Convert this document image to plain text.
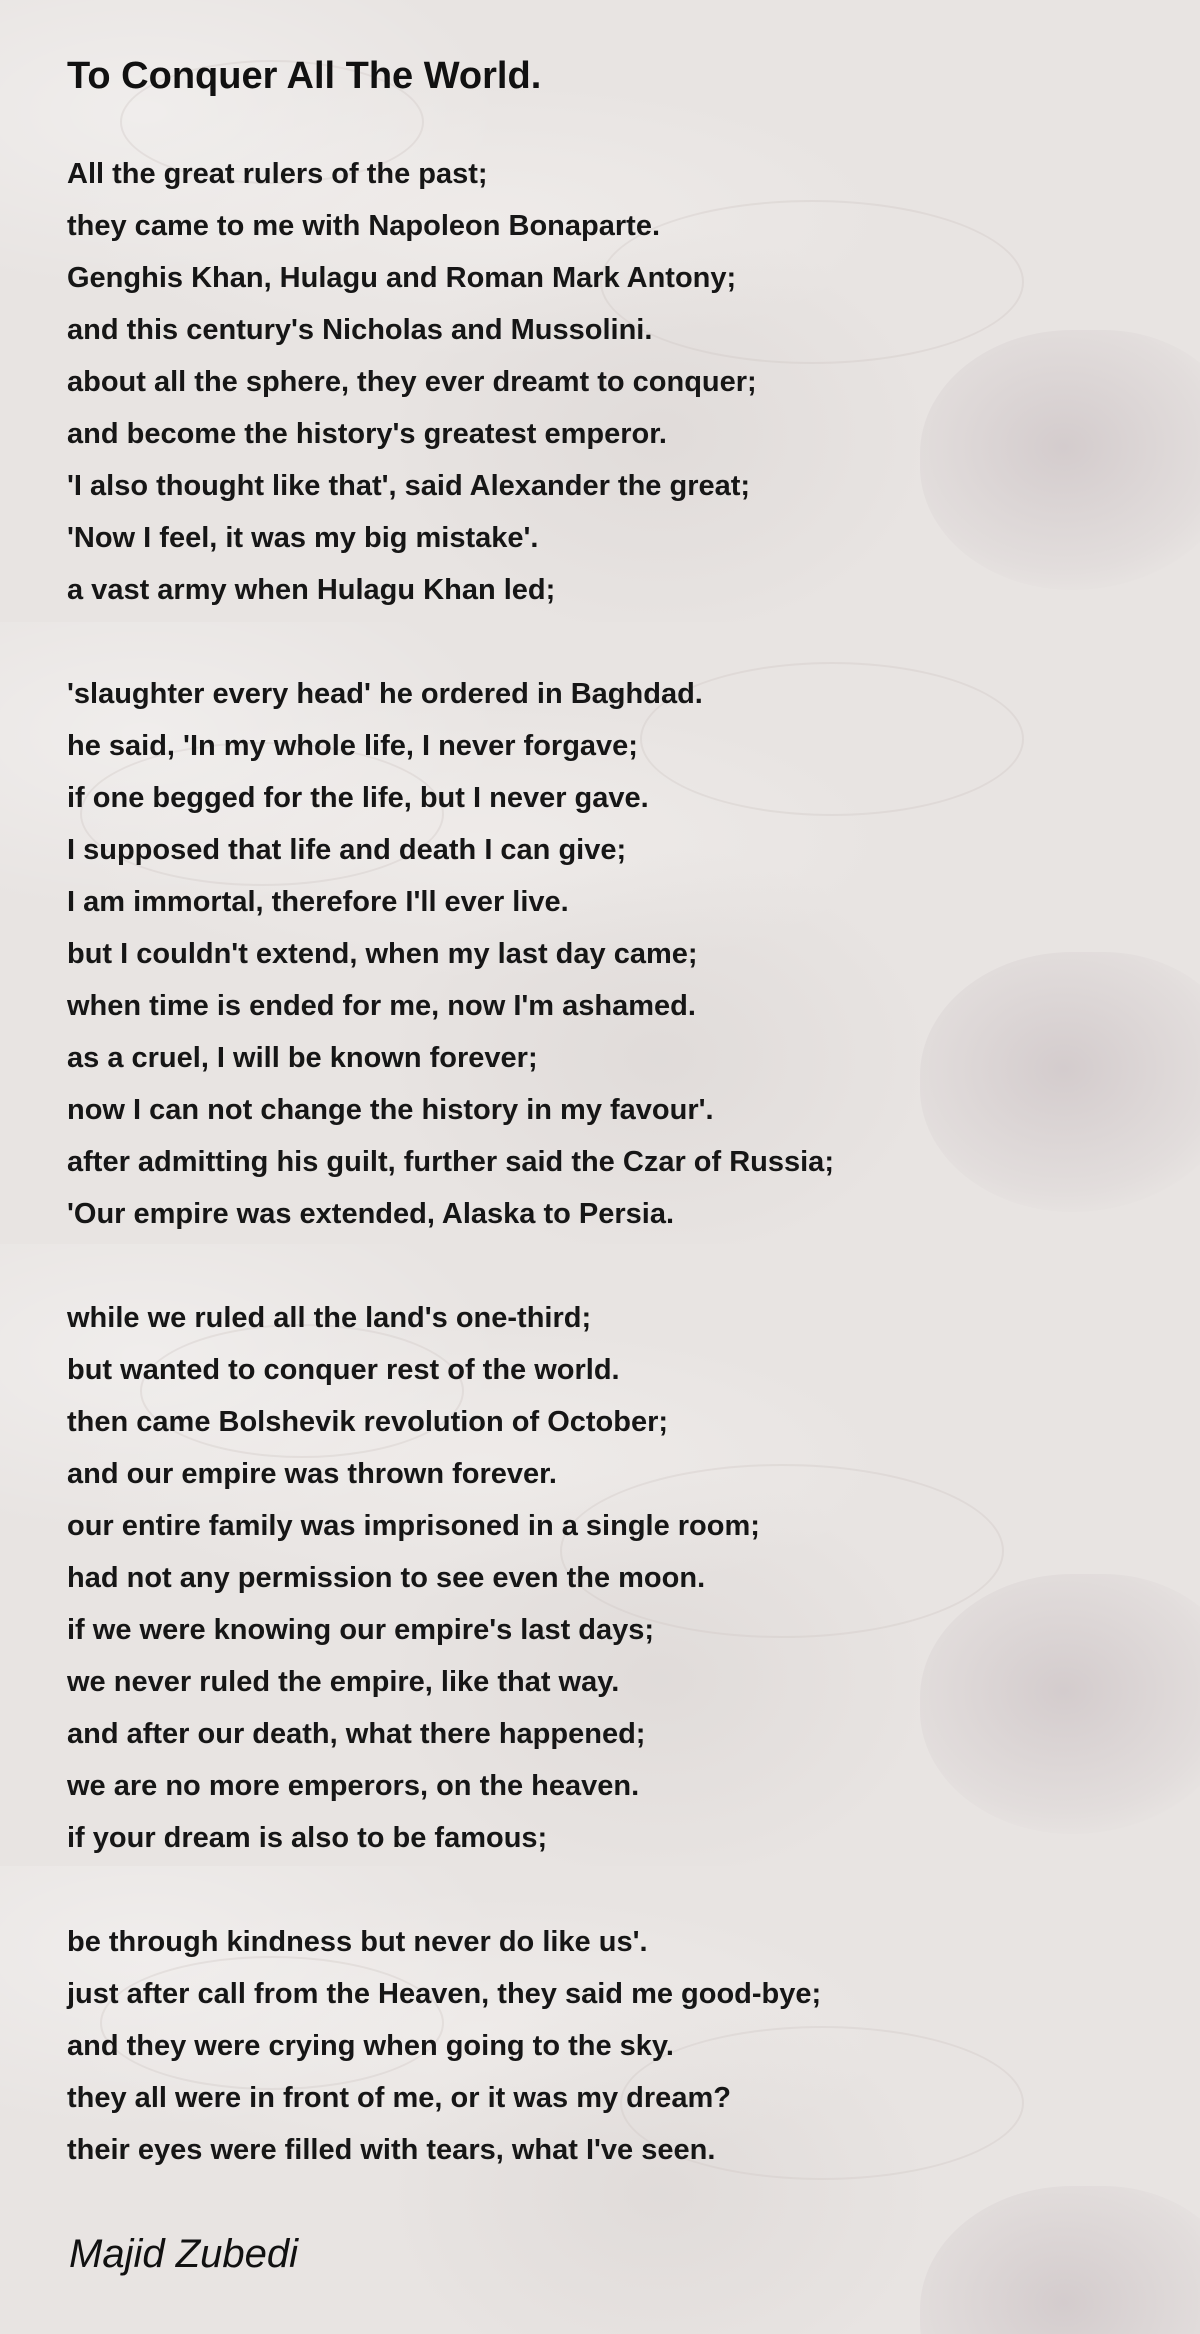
To Conquer All The World.
All the great rulers of the past;
they came to me with Napoleon Bonaparte.
Genghis Khan, Hulagu and Roman Mark Antony;
and this century's Nicholas and Mussolini.
about all the sphere, they ever dreamt to conquer;
and become the history's greatest emperor.
'I also thought like that', said Alexander the great;
'Now I feel, it was my big mistake'.
a vast army when Hulagu Khan led;
'slaughter every head' he ordered in Baghdad.
he said, 'In my whole life, I never forgave;
if one begged for the life, but I never gave.
I supposed that life and death I can give;
I am immortal, therefore I'll ever live.
but I couldn't extend, when my last day came;
when time is ended for me, now I'm ashamed.
as a cruel, I will be known forever;
now I can not change the history in my favour'.
after admitting his guilt, further said the Czar of Russia;
'Our empire was extended, Alaska to Persia.
while we ruled all the land's one-third;
but wanted to conquer rest of the world.
then came Bolshevik revolution of October;
and our empire was thrown forever.
our entire family was imprisoned in a single room;
had not any permission to see even the moon.
if we were knowing our empire's last days;
we never ruled the empire, like that way.
and after our death, what there happened;
we are no more emperors, on the heaven.
if your dream is also to be famous;
be through kindness but never do like us'.
just after call from the Heaven, they said me good-bye;
and they were crying when going to the sky.
they all were in front of me, or it was my dream?
their eyes were filled with tears, what I've seen.
Majid Zubedi
